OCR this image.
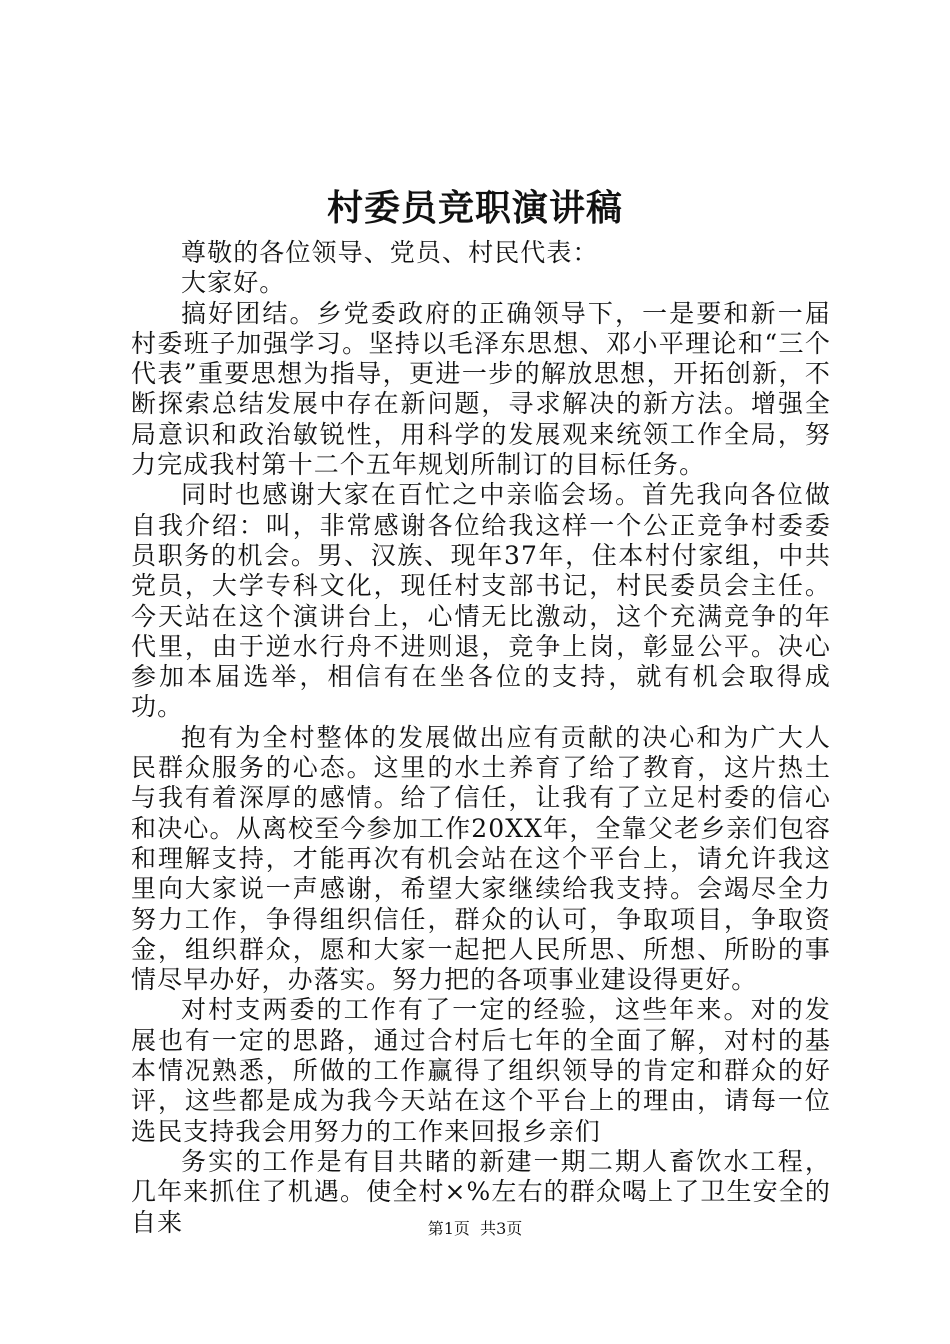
村委员竞职演讲稿

尊敬的各位领导、党员、村民代表：

大家好。

搞好团结。乡党委政府的正确领导下，一是要和新一届村委班子加强学习。坚持以毛泽东思想、邓小平理论和“三个代表”重要思想为指导，更进一步的解放思想，开拓创新，不断探索总结发展中存在新问题，寻求解决的新方法。增强全局意识和政治敏锐性，用科学的发展观来统领工作全局，努力完成我村第十二个五年规划所制订的目标任务。

同时也感谢大家在百忙之中亲临会场。首先我向各位做自我介绍：叫，非常感谢各位给我这样一个公正竞争村委委员职务的机会。男、汉族、现年37年，住本村付家组，中共党员，大学专科文化，现任村支部书记，村民委员会主任。今天站在这个演讲台上，心情无比激动，这个充满竞争的年代里，由于逆水行舟不进则退，竞争上岗，彰显公平。决心参加本届选举，相信有在坐各位的支持，就有机会取得成功。

抱有为全村整体的发展做出应有贡献的决心和为广大人民群众服务的心态。这里的水土养育了给了教育，这片热土与我有着深厚的感情。给了信任，让我有了立足村委的信心和决心。从离校至今参加工作20XX年，全靠父老乡亲们包容和理解支持，才能再次有机会站在这个平台上，请允许我这里向大家说一声感谢，希望大家继续给我支持。会竭尽全力努力工作，争得组织信任，群众的认可，争取项目，争取资金，组织群众，愿和大家一起把人民所思、所想、所盼的事情尽早办好，办落实。努力把的各项事业建设得更好。

对村支两委的工作有了一定的经验，这些年来。对的发展也有一定的思路，通过合村后七年的全面了解，对村的基本情况熟悉，所做的工作赢得了组织领导的肯定和群众的好评，这些都是成为我今天站在这个平台上的理由，请每一位选民支持我会用努力的工作来回报乡亲们

务实的工作是有目共睹的新建一期二期人畜饮水工程，几年来抓住了机遇。使全村×%左右的群众喝上了卫生安全的自来	第1页  共3页
